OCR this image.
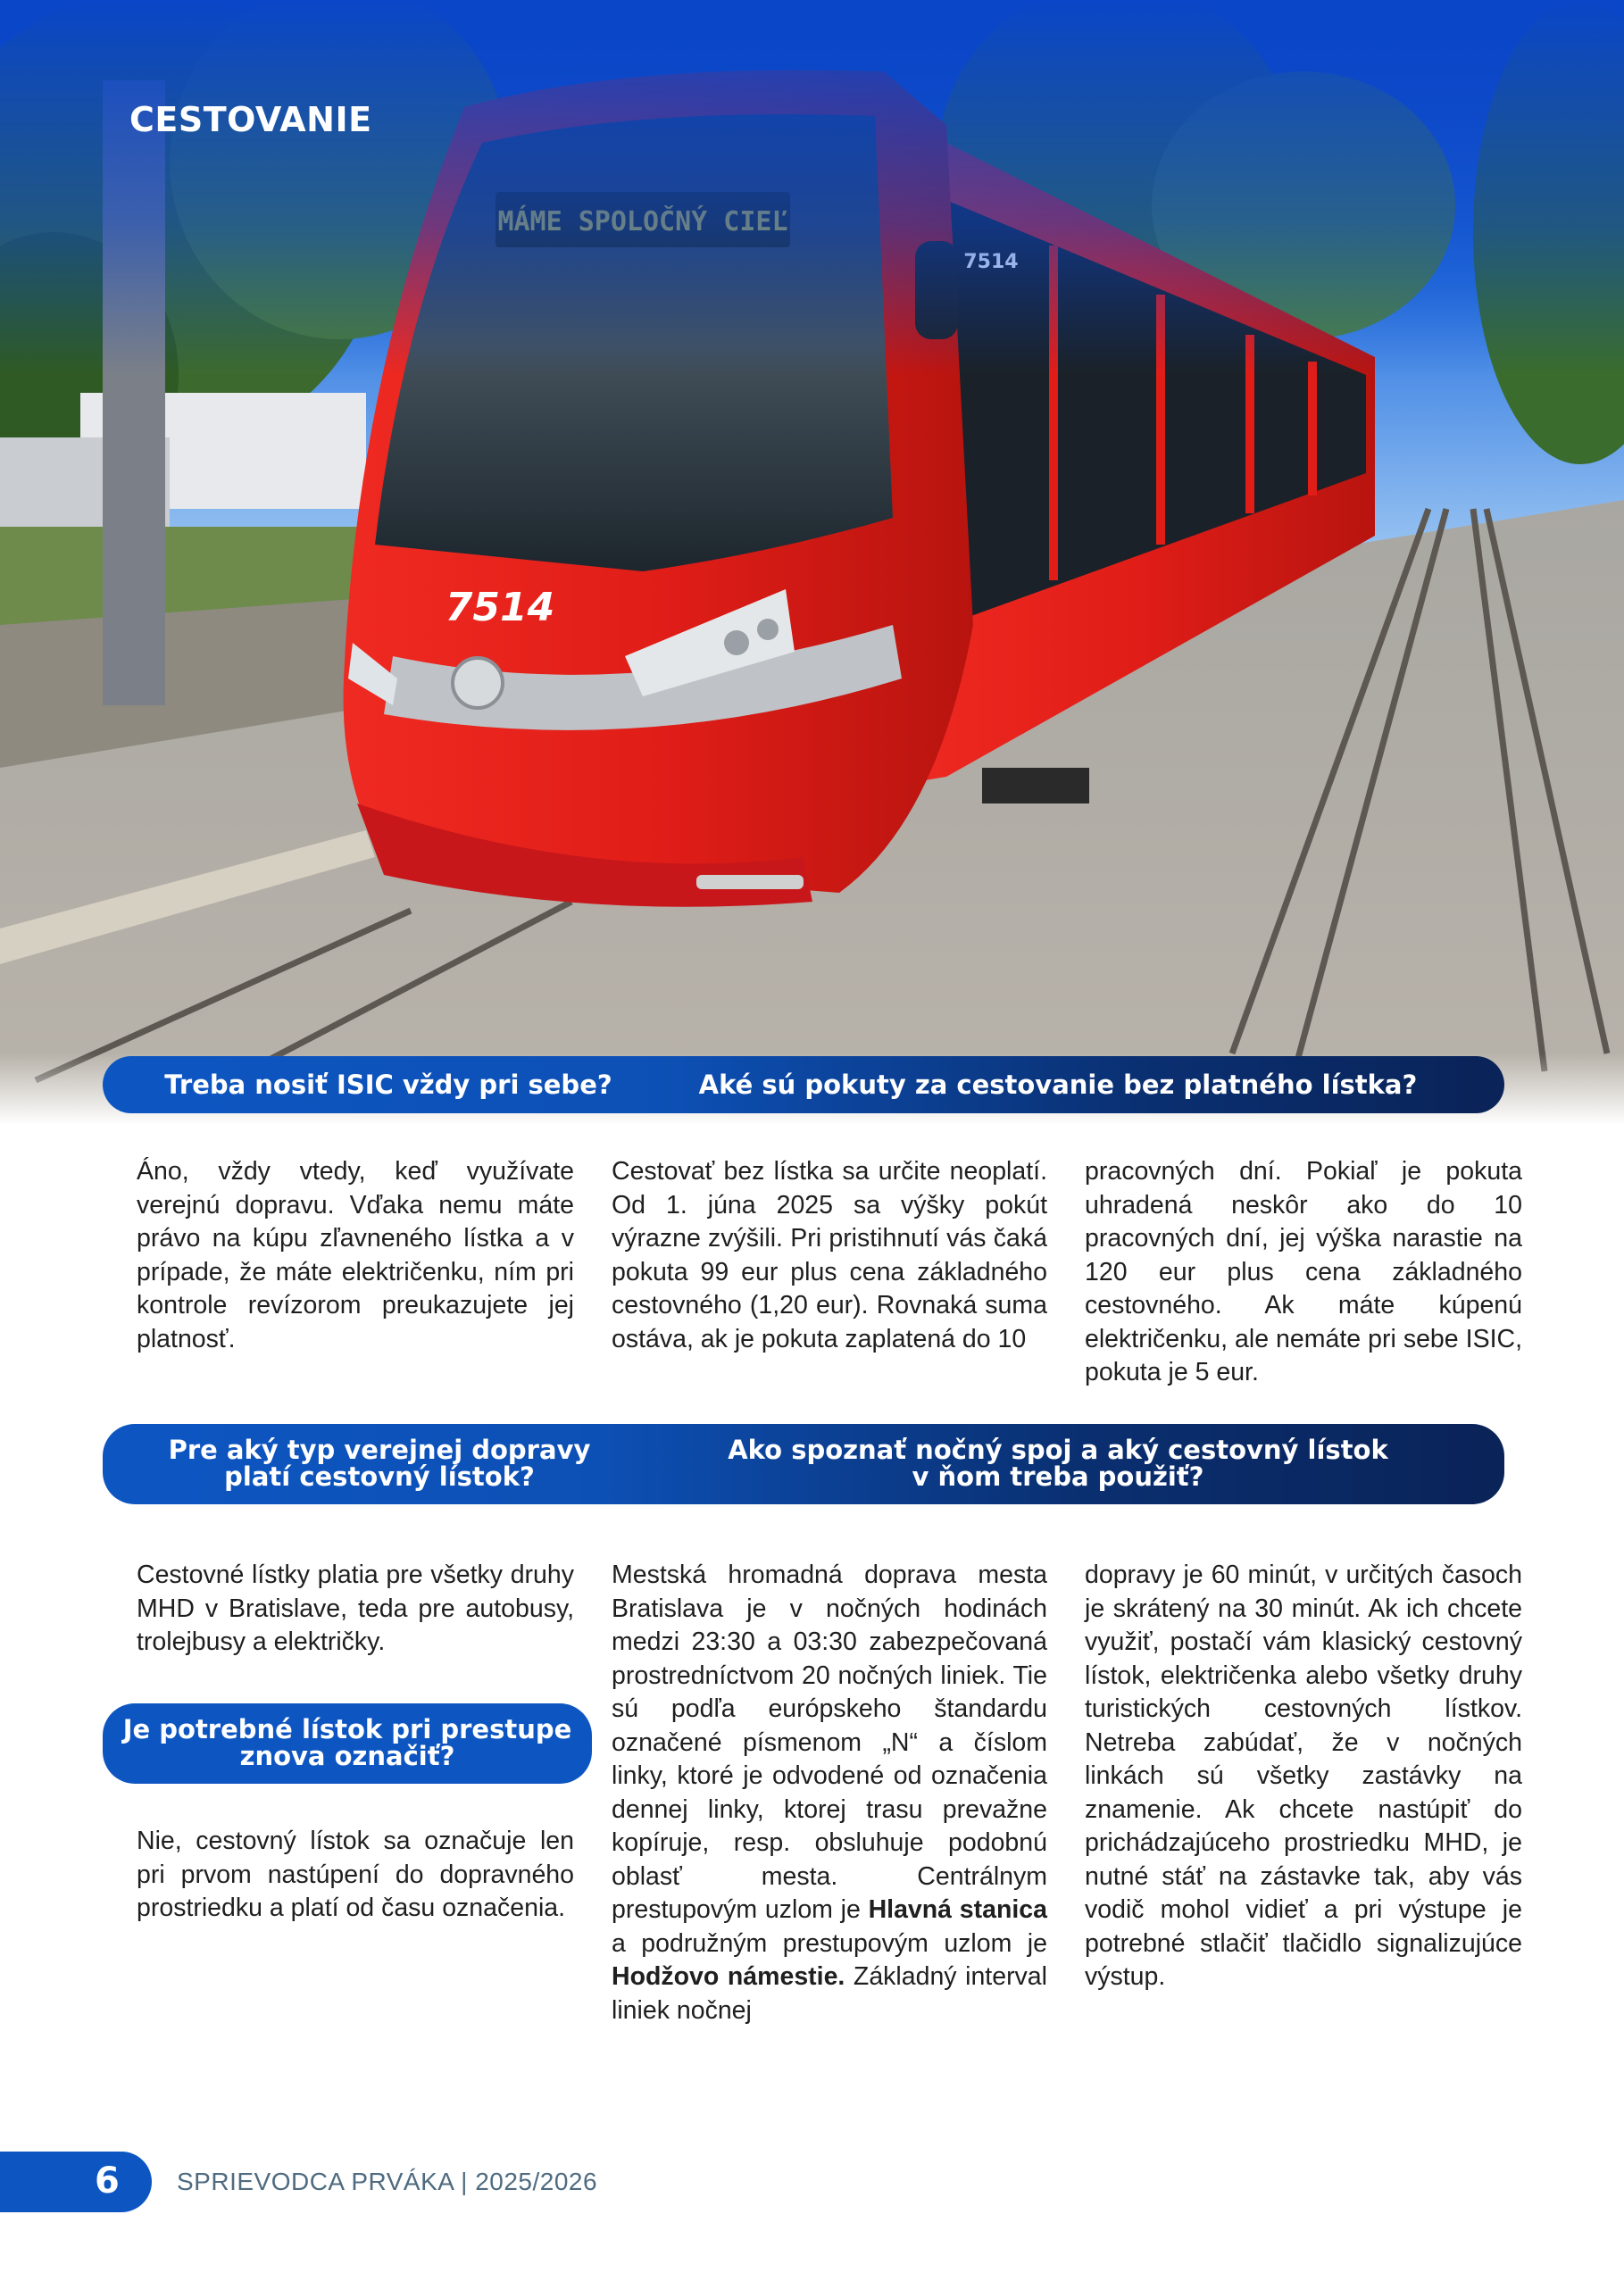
7514
CESTOVANIE
Treba nosiť ISIC vždy pri sebe?	Aké sú pokuty za cestovanie bez platného lístka?
Áno, vždy vtedy, keď využívate verejnú dopravu. Vďaka nemu máte právo na kúpu zľavneného lístka a v prípade, že máte električenku, ním pri kontrole revízorom preukazujete jej platnosť.
Cestovať bez lístka sa určite neoplatí. Od 1. júna 2025 sa výšky pokút výrazne zvýšili. Pri pristihnutí vás čaká pokuta 99 eur plus cena základného cestovného (1,20 eur). Rovnaká suma ostáva, ak je pokuta zaplatená do 10
pracovných dní. Pokiaľ je pokuta uhradená neskôr ako do 10 pracovných dní, jej výška narastie na 120 eur plus cena základného cestovného. Ak máte kúpenú električenku, ale nemáte pri sebe ISIC, pokuta je 5 eur.
Pre aký typ verejnej dopravy
platí cestovný lístok?
Ako spoznať nočný spoj a aký cestovný lístok
v ňom treba použiť?
Cestovné lístky platia pre všetky druhy MHD v Bratislave, teda pre autobusy, trolejbusy a električky.
Je potrebné lístok pri prestupe
znova označiť?
Nie, cestovný lístok sa označuje len pri prvom nastúpení do dopravného prostriedku a platí od času označenia.
Mestská hromadná doprava mesta Bratislava je v nočných hodinách medzi 23:30 a 03:30 zabezpečovaná prostredníctvom 20 nočných liniek. Tie sú podľa európskeho štandardu označené písmenom „N“ a číslom linky, ktoré je odvodené od označenia dennej linky, ktorej trasu prevažne kopíruje, resp. obsluhuje podobnú oblasť mesta. Centrálnym prestupovým uzlom je Hlavná stanica a podružným prestupovým uzlom je Hodžovo námestie. Základný interval liniek nočnej
dopravy je 60 minút, v určitých časoch je skrátený na 30 minút. Ak ich chcete využiť, postačí vám klasický cestovný lístok, električenka alebo všetky druhy turistických cestovných lístkov. Netreba zabúdať, že v nočných linkách sú všetky zastávky na znamenie. Ak chcete nastúpiť do prichádzajúceho prostriedku MHD, je nutné stáť na zástavke tak, aby vás vodič mohol vidieť a pri výstupe je potrebné stlačiť tlačidlo signalizujúce výstup.
6 SPRIEVODCA PRVÁKA | 2025/2026
